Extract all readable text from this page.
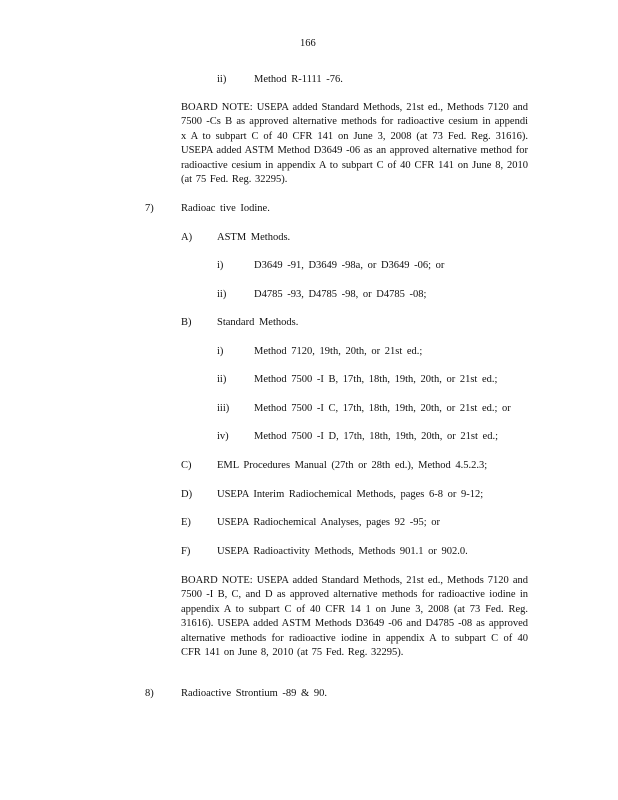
166
ii)	Method R-1111 -76.
BOARD NOTE: USEPA added Standard Methods, 21st ed., Methods 7120 and 7500 -Cs B as approved alternative methods for radioactive cesium in appendi x A to subpart C of 40 CFR 141 on June 3, 2008 (at 73 Fed. Reg. 31616). USEPA added ASTM Method D3649 -06 as an approved alternative method for radioactive cesium in appendix A to subpart C of 40 CFR 141 on June 8, 2010 (at 75 Fed. Reg. 32295).
7)	Radioac tive Iodine.
A) ASTM Methods.
i)	D3649 -91, D3649 -98a, or D3649 -06; or
ii)	D4785 -93, D4785 -98, or D4785 -08;
B) Standard Methods.
i)	Method 7120, 19th, 20th, or 21st ed.;
ii)	Method 7500 -I B, 17th, 18th, 19th, 20th, or 21st ed.;
iii) Method 7500 -I C, 17th, 18th, 19th, 20th, or 21st ed.; or
iv) Method 7500 -I D, 17th, 18th, 19th, 20th, or 21st ed.;
C) EML Procedures Manual (27th or 28th ed.), Method 4.5.2.3;
D) USEPA Interim Radiochemical Methods, pages 6-8 or 9-12;
E) USEPA Radiochemical Analyses, pages 92 -95; or
F)	USEPA Radioactivity Methods, Methods 901.1 or 902.0.
BOARD NOTE: USEPA added Standard Methods, 21st ed., Methods 7120 and 7500 -I B, C, and D as approved alternative methods for radioactive iodine in appendix A to subpart C of 40 CFR 14 1 on June 3, 2008 (at 73 Fed. Reg. 31616). USEPA added ASTM Methods D3649 -06 and D4785 -08 as approved alternative methods for radioactive iodine in appendix A to subpart C of 40 CFR 141 on June 8, 2010 (at 75 Fed. Reg. 32295).
8)	Radioactive Strontium -89 & 90.
